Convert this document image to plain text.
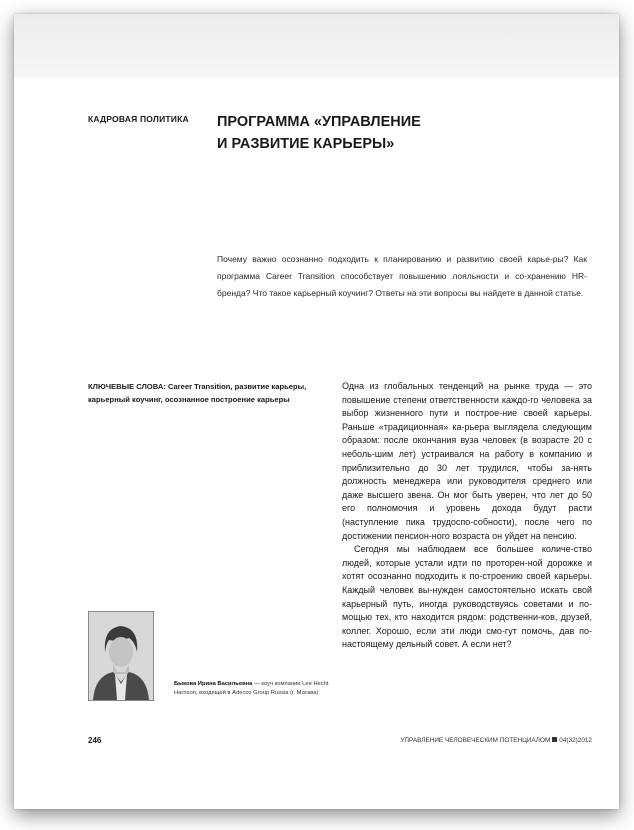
КАДРОВАЯ ПОЛИТИКА ПРОГРАММА «УПРАВЛЕНИЕ
И РАЗВИТИЕ КАРЬЕРЫ»
Почему важно осознанно подходить к планированию и развитию своей карье-ры? Как программа Career Transition способствует повышению лояльности и со-хранению HR-бренда? Что такое карьерный коучинг? Ответы на эти вопросы вы найдете в данной статье.
КЛЮЧЕВЫЕ СЛОВА: Career Transition, развитие карьеры, карьерный коучинг, осознанное построение карьеры

Одна из глобальных тенденций на рынке труда — это повышение степени ответственности каждо-го человека за выбор жизненного пути и построе-ние своей карьеры. Раньше «традиционная» ка-рьера выглядела следующим образом: после окончания вуза человек (в возрасте 20 с неболь-шим лет) устраивался на работу в компанию и приблизительно до 30 лет трудился, чтобы за-нять должность менеджера или руководителя среднего или даже высшего звена. Он мог быть уверен, что лет до 50 его полномочия и уровень дохода будут расти (наступление пика трудоспо-собности), после чего по достижении пенсион-ного возраста он уйдет на пенсию.

Сегодня мы наблюдаем все большее количе-ство людей, которые устали идти по проторен-ной дорожке и хотят осознанно подходить к по-строению своей карьеры. Каждый человек вы-нужден самостоятельно искать свой карьерный путь, иногда руководствуясь советами и по-мощью тех, кто находится рядом: родственни-ков, друзей, коллег. Хорошо, если эти люди смо-гут помочь, дав по-настоящему дельный совет. А если нет?

Быкова Ирина Васильевна — коуч компании Lee Hecht Harrison, входящей в Adecco Group Russia (г. Москва)
246	УПРАВЛЕНИЕ ЧЕЛОВЕЧЕСКИМ ПОТЕНЦИАЛОМ 04(32)2012
